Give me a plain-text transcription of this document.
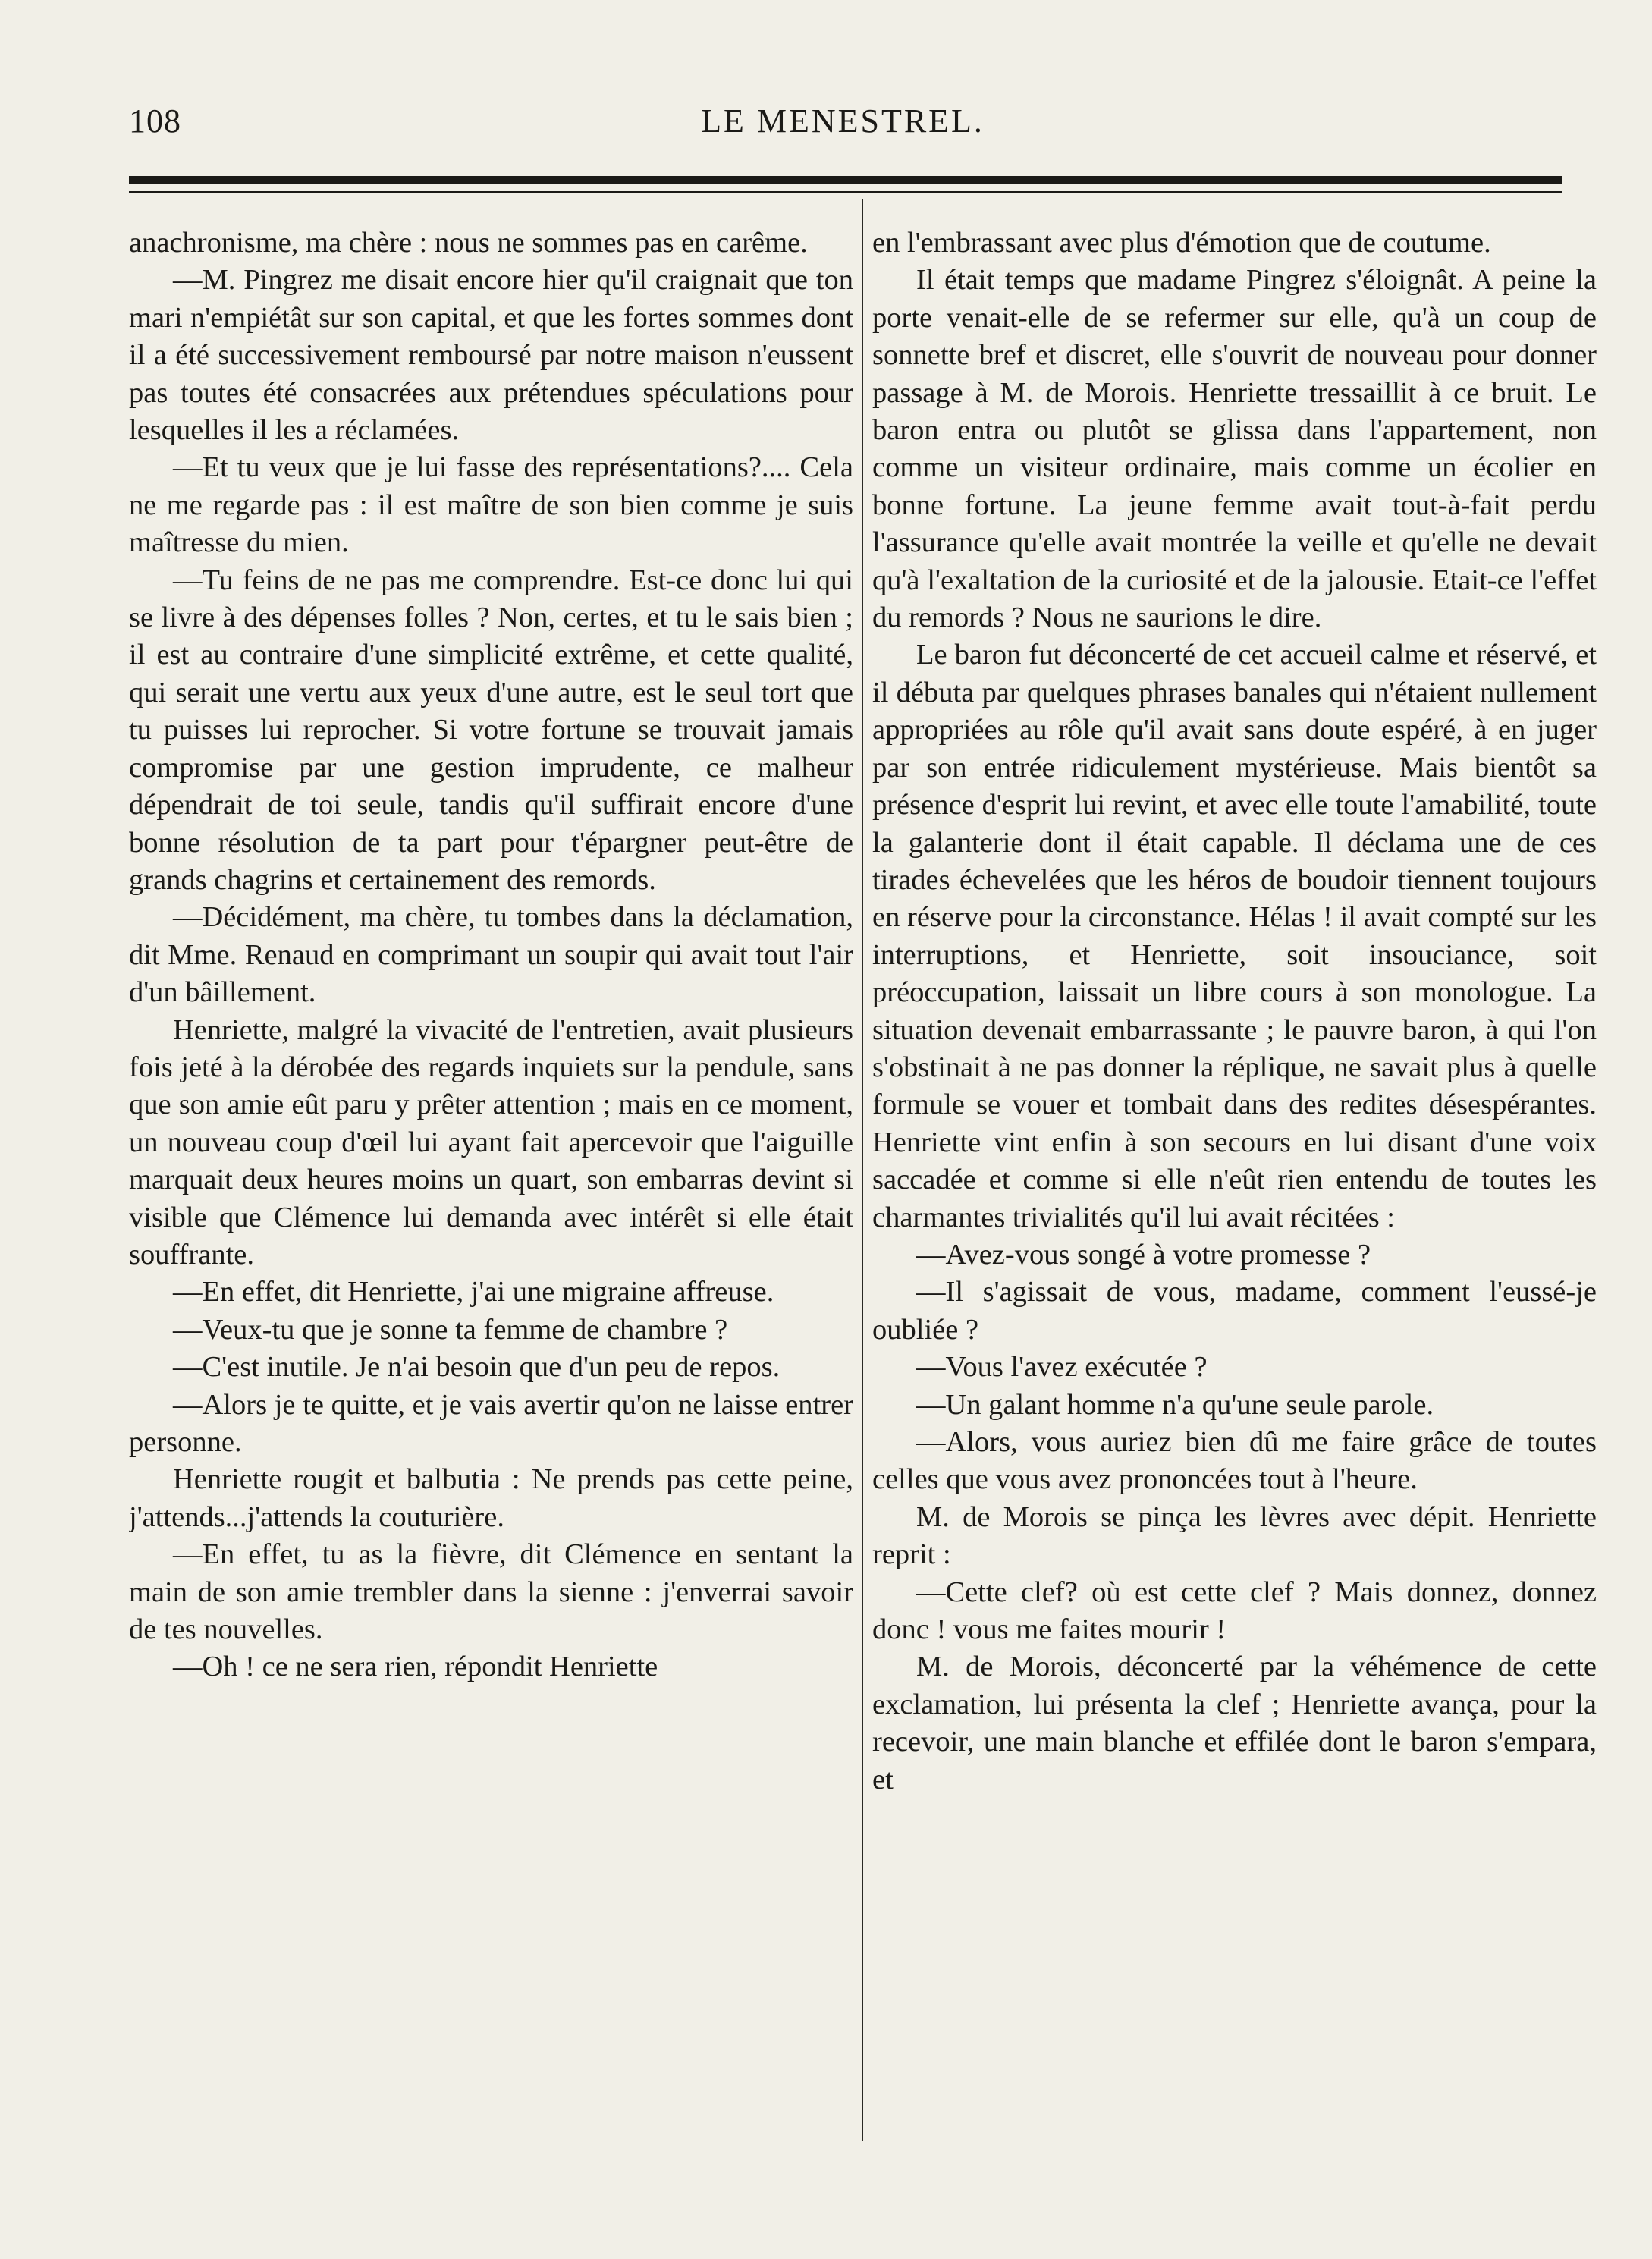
108	LE MENESTREL.

anachronisme, ma chère : nous ne sommes pas en carême.

—M. Pingrez me disait encore hier qu'il craignait que ton mari n'empiétât sur son capital, et que les fortes sommes dont il a été successivement remboursé par notre maison n'eussent pas toutes été consacrées aux prétendues spéculations pour lesquelles il les a réclamées.

—Et tu veux que je lui fasse des représentations?.... Cela ne me regarde pas : il est maître de son bien comme je suis maîtresse du mien.

—Tu feins de ne pas me comprendre. Est-ce donc lui qui se livre à des dépenses folles ? Non, certes, et tu le sais bien ; il est au contraire d'une simplicité extrême, et cette qualité, qui serait une vertu aux yeux d'une autre, est le seul tort que tu puisses lui reprocher. Si votre fortune se trouvait jamais compromise par une gestion imprudente, ce malheur dépendrait de toi seule, tandis qu'il suffirait encore d'une bonne résolution de ta part pour t'épargner peut-être de grands chagrins et certainement des remords.

—Décidément, ma chère, tu tombes dans la déclamation, dit Mme. Renaud en comprimant un soupir qui avait tout l'air d'un bâillement.

Henriette, malgré la vivacité de l'entretien, avait plusieurs fois jeté à la dérobée des regards inquiets sur la pendule, sans que son amie eût paru y prêter attention ; mais en ce moment, un nouveau coup d'œil lui ayant fait apercevoir que l'aiguille marquait deux heures moins un quart, son embarras devint si visible que Clémence lui demanda avec intérêt si elle était souffrante.

—En effet, dit Henriette, j'ai une migraine affreuse.

—Veux-tu que je sonne ta femme de chambre ?

—C'est inutile. Je n'ai besoin que d'un peu de repos.

—Alors je te quitte, et je vais avertir qu'on ne laisse entrer personne.

Henriette rougit et balbutia : Ne prends pas cette peine, j'attends...j'attends la couturière.

—En effet, tu as la fièvre, dit Clémence en sentant la main de son amie trembler dans la sienne : j'enverrai savoir de tes nouvelles.

—Oh ! ce ne sera rien, répondit Henriette

en l'embrassant avec plus d'émotion que de coutume.

Il était temps que madame Pingrez s'éloignât. A peine la porte venait-elle de se refermer sur elle, qu'à un coup de sonnette bref et discret, elle s'ouvrit de nouveau pour donner passage à M. de Morois. Henriette tressaillit à ce bruit. Le baron entra ou plutôt se glissa dans l'appartement, non comme un visiteur ordinaire, mais comme un écolier en bonne fortune. La jeune femme avait tout-à-fait perdu l'assurance qu'elle avait montrée la veille et qu'elle ne devait qu'à l'exaltation de la curiosité et de la jalousie. Etait-ce l'effet du remords ? Nous ne saurions le dire.

Le baron fut déconcerté de cet accueil calme et réservé, et il débuta par quelques phrases banales qui n'étaient nullement appropriées au rôle qu'il avait sans doute espéré, à en juger par son entrée ridiculement mystérieuse. Mais bientôt sa présence d'esprit lui revint, et avec elle toute l'amabilité, toute la galanterie dont il était capable. Il déclama une de ces tirades échevelées que les héros de boudoir tiennent toujours en réserve pour la circonstance. Hélas ! il avait compté sur les interruptions, et Henriette, soit insouciance, soit préoccupation, laissait un libre cours à son monologue. La situation devenait embarrassante ; le pauvre baron, à qui l'on s'obstinait à ne pas donner la réplique, ne savait plus à quelle formule se vouer et tombait dans des redites désespérantes. Henriette vint enfin à son secours en lui disant d'une voix saccadée et comme si elle n'eût rien entendu de toutes les charmantes trivialités qu'il lui avait récitées :

—Avez-vous songé à votre promesse ?

—Il s'agissait de vous, madame, comment l'eussé-je oubliée ?

—Vous l'avez exécutée ?

—Un galant homme n'a qu'une seule parole.

—Alors, vous auriez bien dû me faire grâce de toutes celles que vous avez prononcées tout à l'heure.

M. de Morois se pinça les lèvres avec dépit. Henriette reprit :

—Cette clef? où est cette clef ? Mais donnez, donnez donc ! vous me faites mourir !

M. de Morois, déconcerté par la véhémence de cette exclamation, lui présenta la clef ; Henriette avança, pour la recevoir, une main blanche et effilée dont le baron s'empara, et
